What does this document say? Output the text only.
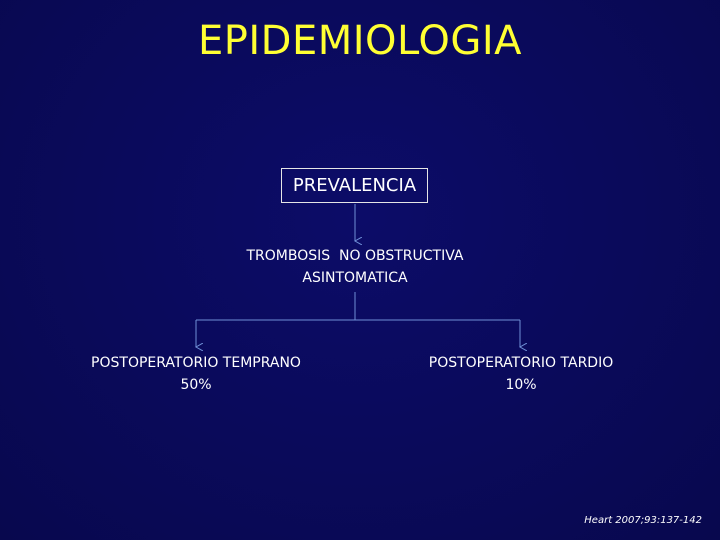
EPIDEMIOLOGIA
PREVALENCIA
TROMBOSIS  NO OBSTRUCTIVA
ASINTOMATICA
POSTOPERATORIO TEMPRANO
50%
POSTOPERATORIO TARDIO
10%
Heart 2007;93:137-142
